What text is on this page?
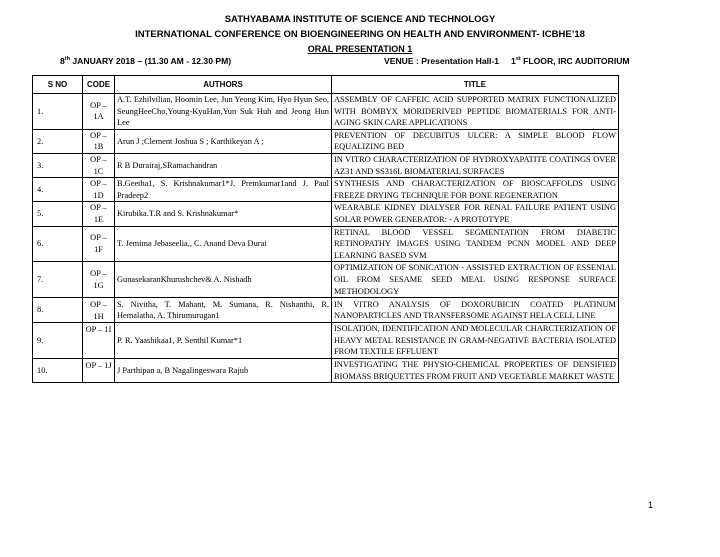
SATHYABAMA INSTITUTE OF SCIENCE AND TECHNOLOGY
INTERNATIONAL CONFERENCE ON BIOENGINEERING ON HEALTH AND ENVIRONMENT- ICBHE’18
ORAL PRESENTATION 1
8th JANUARY 2018 – (11.30 AM - 12.30 PM)	VENUE : Presentation Hall-1 1st FLOOR, IRC AUDITORIUM
S NO	CODE	AUTHORS	TITLE
1.	OP – 1A	A.T. Ezhilvilian, Hoomin Lee, Jun Yeong Kim, Hyo Hyun Seo, SeungHeeCho,Young-KyuHan,Yun Suk Huh and Jeong Hun Lee	ASSEMBLY OF CAFFEIC ACID SUPPORTED MATRIX FUNCTIONALIZED WITH BOMBYX MORIDERIVED PEPTIDE BIOMATERIALS FOR ANTI-AGING SKIN CARE APPLICATIONS
2.	OP – 1B	Arun J ;Clement Joshua S ; Karthikeyan A ;	PREVENTION OF DECUBITUS ULCER: A SIMPLE BLOOD FLOW EQUALIZING BED
3.	OP – 1C	R B Durairaj,SRamachandran	IN VITRO CHARACTERIZATION OF HYDROXYAPATITE COATINGS OVER AZ31 AND SS316L BIOMATERIAL SURFACES
4.	OP – 1D	B.Geetha1, S. Krishnakumar1*J. Premkumar1and J. Paul Pradeep2	SYNTHESIS AND CHARACTERIZATION OF BIOSCAFFOLDS USING FREEZE DRYING TECHNIQUE FOR BONE REGENERATION
5.	OP – 1E	Kirubika.T.R and S. Krishnakumar*	WEARABLE KIDNEY DIALYSER FOR RENAL FAILURE PATIENT USING SOLAR POWER GENERATOR: - A PROTOTYPE
6.	OP – 1F	T. Jemima Jebaseelia,, C. Anand Deva Durai	RETINAL BLOOD VESSEL SEGMENTATION FROM DIABETIC RETINOPATHY IMAGES USING TANDEM PCNN MODEL AND DEEP LEARNING BASED SVM
7.	OP – 1G	GunasekaranKhurushchev& A. Nishadh	OPTIMIZATION OF SONICATION - ASSISTED EXTRACTION OF ESSENIAL OIL FROM SESAME SEED MEAL USING RESPONSE SURFACE METHODOLOGY
8.	OP – 1H	S. Nivitha, T. Mahant, M. Sumana, R. Nishanthi, R. Hemalatha, A. Thirumurugan1	IN VITRO ANALYSIS OF DOXORUBICIN COATED PLATINUM NANOPARTICLES AND TRANSFERSOME AGAINST HELA CELL LINE
9.	OP – 1I	P. R. Yaashikaa1, P. Senthil Kumar*1	ISOLATION, IDENTIFICATION AND MOLECULAR CHARCTERIZATION OF HEAVY METAL RESISTANCE IN GRAM-NEGATIVE BACTERIA ISOLATED FROM TEXTILE EFFLUENT
10.	OP – 1J	J Parthipan a, B Nagalingeswara Rajub	INVESTIGATING THE PHYSIO-CHEMICAL PROPERTIES OF DENSIFIED BIOMASS BRIQUETTES FROM FRUIT AND VEGETABLE MARKET WASTE
1
